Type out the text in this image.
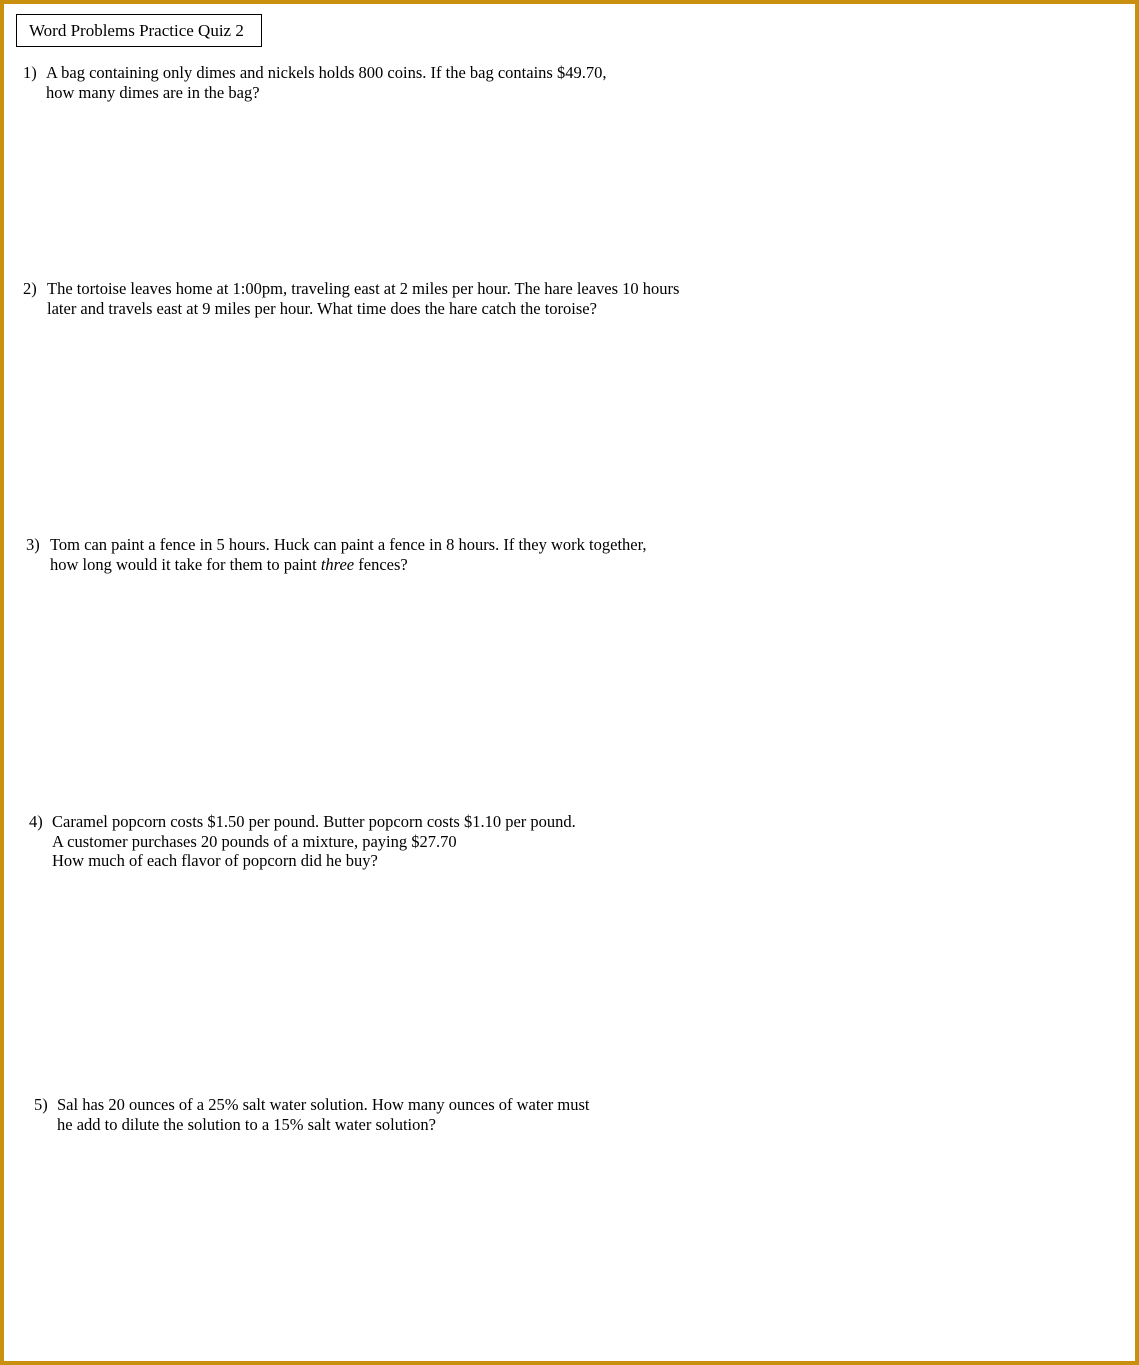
Word Problems Practice Quiz 2
1) A bag containing only dimes and nickels holds 800 coins. If the bag contains $49.70,
how many dimes are in the bag?
2) The tortoise leaves home at 1:00pm, traveling east at 2 miles per hour. The hare leaves 10 hours
later and travels east at 9 miles per hour. What time does the hare catch the toroise?
3) Tom can paint a fence in 5 hours. Huck can paint a fence in 8 hours. If they work together,
how long would it take for them to paint three fences?
4) Caramel popcorn costs $1.50 per pound. Butter popcorn costs $1.10 per pound.
A customer purchases 20 pounds of a mixture, paying $27.70
How much of each flavor of popcorn did he buy?
5) Sal has 20 ounces of a 25% salt water solution. How many ounces of water must
he add to dilute the solution to a 15% salt water solution?
